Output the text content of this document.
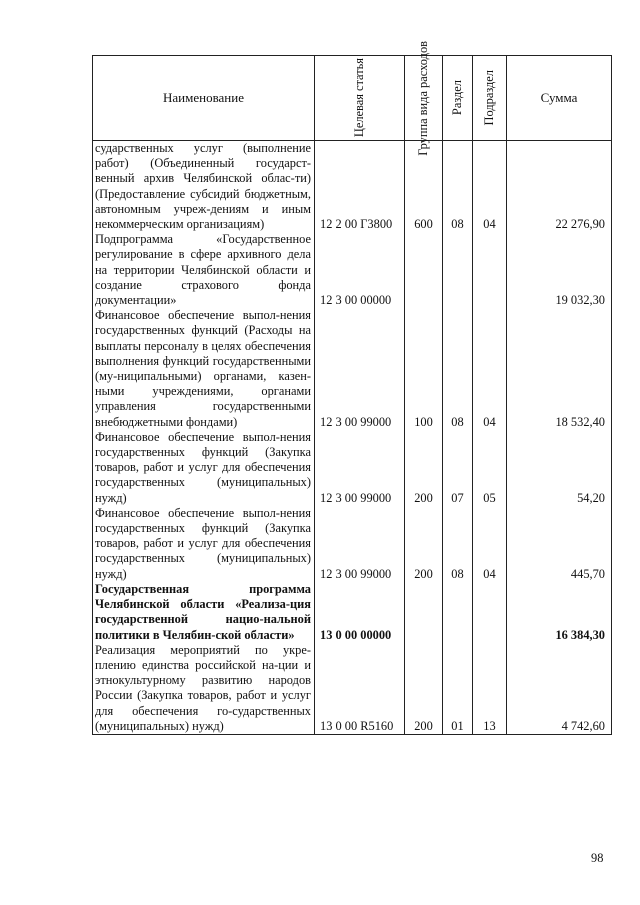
Наименование	Целевая статья	Группа вида расходов	Раздел	Подраздел	Сумма
сударственных услуг (выполнение работ) (Объединенный государст-венный архив Челябинской облас-ти) (Предоставление субсидий бюджетным, автономным учреж-дениям и иным некоммерческим организациям)	12 2 00 Г3800	600	08	04	22 276,90
Подпрограмма «Государственное регулирование в сфере архивного дела на территории Челябинской области и создание страхового фонда документации»	12 3 00 00000				19 032,30
Финансовое обеспечение выпол-нения государственных функций (Расходы на выплаты персоналу в целях обеспечения выполнения функций государственными (му-ниципальными) органами, казен-ными учреждениями, органами управления государственными внебюджетными фондами)	12 3 00 99000	100	08	04	18 532,40
Финансовое обеспечение выпол-нения государственных функций (Закупка товаров, работ и услуг для обеспечения государственных (муниципальных) нужд)	12 3 00 99000	200	07	05	54,20
Финансовое обеспечение выпол-нения государственных функций (Закупка товаров, работ и услуг для обеспечения государственных (муниципальных) нужд)	12 3 00 99000	200	08	04	445,70
Государственная программа Челябинской области «Реализа-ция государственной нацио-нальной политики в Челябин-ской области»	13 0 00 00000				16 384,30
Реализация мероприятий по укре-плению единства российской на-ции и этнокультурному развитию народов России (Закупка товаров, работ и услуг для обеспечения го-сударственных (муниципальных) нужд)	13 0 00 R5160	200	01	13	4 742,60
98
